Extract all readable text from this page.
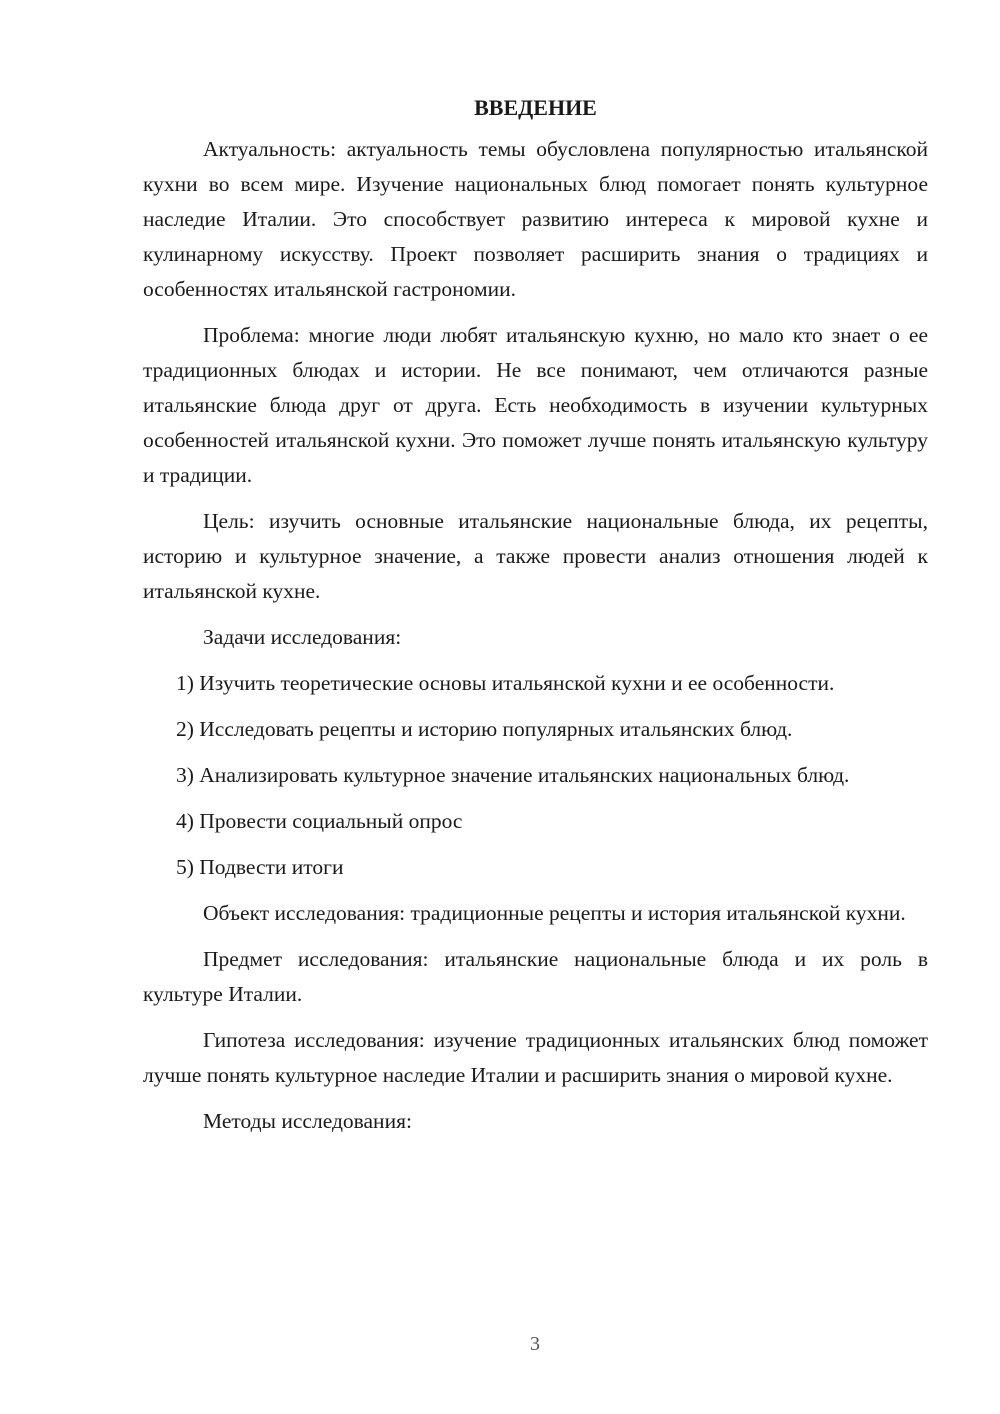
ВВЕДЕНИЕ

Актуальность: актуальность темы обусловлена популярностью итальянской кухни во всем мире. Изучение национальных блюд помогает понять культурное наследие Италии. Это способствует развитию интереса к мировой кухне и кулинарному искусству. Проект позволяет расширить знания о традициях и особенностях итальянской гастрономии.

Проблема: многие люди любят итальянскую кухню, но мало кто знает о ее традиционных блюдах и истории. Не все понимают, чем отличаются разные итальянские блюда друг от друга. Есть необходимость в изучении культурных особенностей итальянской кухни. Это поможет лучше понять итальянскую культуру и традиции.

Цель: изучить основные итальянские национальные блюда, их рецепты, историю и культурное значение, а также провести анализ отношения людей к итальянской кухне.

Задачи исследования:

1) Изучить теоретические основы итальянской кухни и ее особенности.

2) Исследовать рецепты и историю популярных итальянских блюд.

3) Анализировать культурное значение итальянских национальных блюд.

4) Провести социальный опрос

5) Подвести итоги

Объект исследования: традиционные рецепты и история итальянской кухни.

Предмет исследования: итальянские национальные блюда и их роль в культуре Италии.

Гипотеза исследования: изучение традиционных итальянских блюд поможет лучше понять культурное наследие Италии и расширить знания о мировой кухне.

Методы исследования:

3
